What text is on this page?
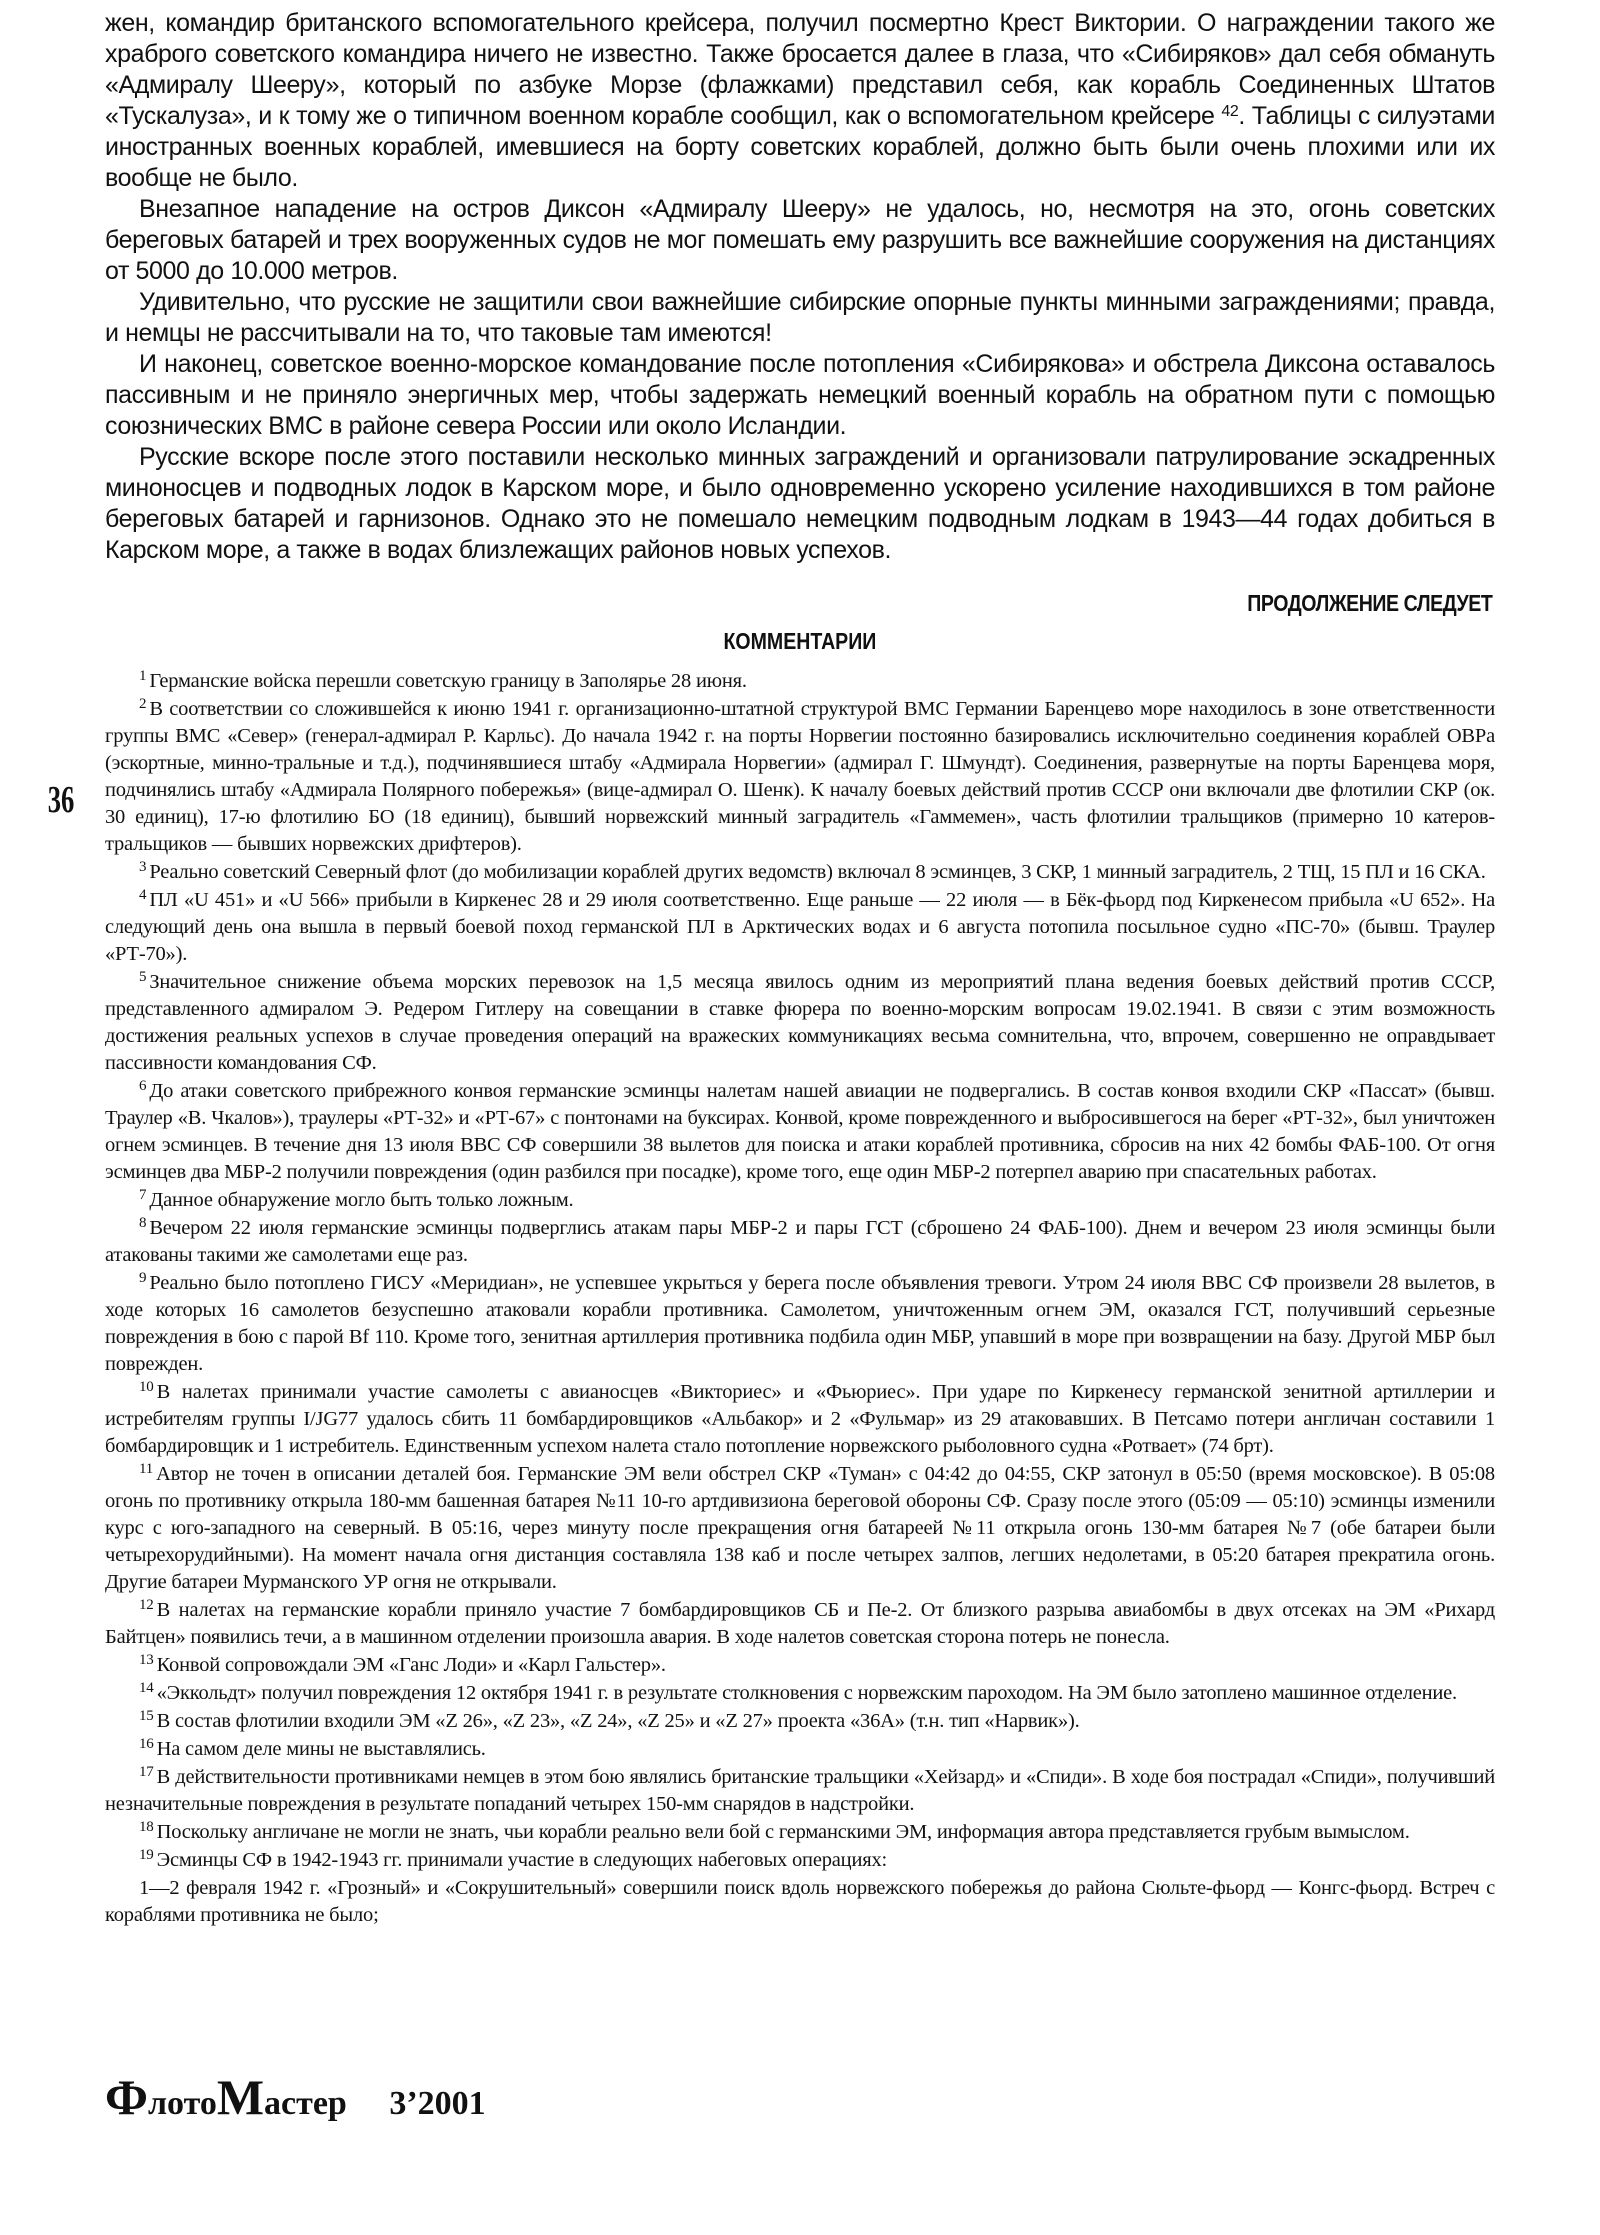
жен, командир британского вспомогательного крейсера, получил посмертно Крест Виктории. О награждении такого же храброго советского командира ничего не известно. Также бросается далее в глаза, что «Сибиряков» дал себя обмануть «Адмиралу Шееру», который по азбуке Морзе (флажками) представил себя, как корабль Соединенных Штатов «Тускалуза», и к тому же о типичном военном корабле сообщил, как о вспомогательном крейсере $^{42}$. Таблицы с силуэтами иностранных военных кораблей, имевшиеся на борту советских кораблей, должно быть были очень плохими или их вообще не было.

Внезапное нападение на остров Диксон «Адмиралу Шееру» не удалось, но, несмотря на это, огонь советских береговых батарей и трех вооруженных судов не мог помешать ему разрушить все важнейшие сооружения на дистанциях от 5000 до 10.000 метров.

Удивительно, что русские не защитили свои важнейшие сибирские опорные пункты минными заграждениями; правда, и немцы не рассчитывали на то, что таковые там имеются!

И наконец, советское военно-морское командование после потопления «Сибирякова» и обстрела Диксона оставалось пассивным и не приняло энергичных мер, чтобы задержать немецкий военный корабль на обратном пути с помощью союзнических ВМС в районе севера России или около Исландии.

Русские вскоре после этого поставили несколько минных заграждений и организовали патрулирование эскадренных миноносцев и подводных лодок в Карском море, и было одновременно ускорено усиление находившихся в том районе береговых батарей и гарнизонов. Однако это не помешало немецким подводным лодкам в 1943—44 годах добиться в Карском море, а также в водах близлежащих районов новых успехов.

ПРОДОЛЖЕНИЕ СЛЕДУЕТ
КОММЕНТАРИИ
36

$^1$ Германские войска перешли советскую границу в Заполярье 28 июня.

$^2$ В соответствии со сложившейся к июню 1941 г. организационно-штатной структурой ВМС Германии Баренцево море находилось в зоне ответственности группы ВМС «Север» (генерал-адмирал Р. Карльс). До начала 1942 г. на порты Норвегии постоянно базировались исключительно соединения кораблей ОВРа (эскортные, минно-тральные и т.д.), подчинявшиеся штабу «Адмирала Норвегии» (адмирал Г. Шмундт). Соединения, развернутые на порты Баренцева моря, подчинялись штабу «Адмирала Полярного побережья» (вице-адмирал О. Шенк). К началу боевых действий против СССР они включали две флотилии СКР (ок. 30 единиц), 17-ю флотилию БО (18 единиц), бывший норвежский минный заградитель «Гаммемен», часть флотилии тральщиков (примерно 10 катеров-тральщиков — бывших норвежских дрифтеров).

$^3$ Реально советский Северный флот (до мобилизации кораблей других ведомств) включал 8 эсминцев, 3 СКР, 1 минный заградитель, 2 ТЩ, 15 ПЛ и 16 СКА.

$^4$ ПЛ «U 451» и «U 566» прибыли в Киркенес 28 и 29 июля соответственно. Еще раньше — 22 июля — в Бёк-фьорд под Киркенесом прибыла «U 652». На следующий день она вышла в первый боевой поход германской ПЛ в Арктических водах и 6 августа потопила посыльное судно «ПС-70» (бывш. Траулер «РТ-70»).

$^5$ Значительное снижение объема морских перевозок на 1,5 месяца явилось одним из мероприятий плана ведения боевых действий против СССР, представленного адмиралом Э. Редером Гитлеру на совещании в ставке фюрера по военно-морским вопросам 19.02.1941. В связи с этим возможность достижения реальных успехов в случае проведения операций на вражеских коммуникациях весьма сомнительна, что, впрочем, совершенно не оправдывает пассивности командования СФ.

$^6$ До атаки советского прибрежного конвоя германские эсминцы налетам нашей авиации не подвергались. В состав конвоя входили СКР «Пассат» (бывш. Траулер «В. Чкалов»), траулеры «РТ-32» и «РТ-67» с понтонами на буксирах. Конвой, кроме поврежденного и выбросившегося на берег «РТ-32», был уничтожен огнем эсминцев. В течение дня 13 июля ВВС СФ совершили 38 вылетов для поиска и атаки кораблей противника, сбросив на них 42 бомбы ФАБ-100. От огня эсминцев два МБР-2 получили повреждения (один разбился при посадке), кроме того, еще один МБР-2 потерпел аварию при спасательных работах.

$^7$ Данное обнаружение могло быть только ложным.

$^8$ Вечером 22 июля германские эсминцы подверглись атакам пары МБР-2 и пары ГСТ (сброшено 24 ФАБ-100). Днем и вечером 23 июля эсминцы были атакованы такими же самолетами еще раз.

$^9$ Реально было потоплено ГИСУ «Меридиан», не успевшее укрыться у берега после объявления тревоги. Утром 24 июля ВВС СФ произвели 28 вылетов, в ходе которых 16 самолетов безуспешно атаковали корабли противника. Самолетом, уничтоженным огнем ЭМ, оказался ГСТ, получивший серьезные повреждения в бою с парой Bf 110. Кроме того, зенитная артиллерия противника подбила один МБР, упавший в море при возвращении на базу. Другой МБР был поврежден.

$^{10}$ В налетах принимали участие самолеты с авианосцев «Викториес» и «Фьюриес». При ударе по Киркенесу германской зенитной артиллерии и истребителям группы I/JG77 удалось сбить 11 бомбардировщиков «Альбакор» и 2 «Фульмар» из 29 атаковавших. В Петсамо потери англичан составили 1 бомбардировщик и 1 истребитель. Единственным успехом налета стало потопление норвежского рыболовного судна «Ротвает» (74 брт).

$^{11}$ Автор не точен в описании деталей боя. Германские ЭМ вели обстрел СКР «Туман» с 04:42 до 04:55, СКР затонул в 05:50 (время московское). В 05:08 огонь по противнику открыла 180-мм башенная батарея №11 10-го артдивизиона береговой обороны СФ. Сразу после этого (05:09 — 05:10) эсминцы изменили курс с юго-западного на северный. В 05:16, через минуту после прекращения огня батареей №11 открыла огонь 130-мм батарея №7 (обе батареи были четырехорудийными). На момент начала огня дистанция составляла 138 каб и после четырех залпов, легших недолетами, в 05:20 батарея прекратила огонь. Другие батареи Мурманского УР огня не открывали.

$^{12}$ В налетах на германские корабли приняло участие 7 бомбардировщиков СБ и Пе-2. От близкого разрыва авиабомбы в двух отсеках на ЭМ «Рихард Байтцен» появились течи, а в машинном отделении произошла авария. В ходе налетов советская сторона потерь не понесла.

$^{13}$ Конвой сопровождали ЭМ «Ганс Лоди» и «Карл Гальстер».

$^{14}$ «Эккольдт» получил повреждения 12 октября 1941 г. в результате столкновения с норвежским пароходом. На ЭМ было затоплено машинное отделение.

$^{15}$ В состав флотилии входили ЭМ «Z 26», «Z 23», «Z 24», «Z 25» и «Z 27» проекта «36А» (т.н. тип «Нарвик»).

$^{16}$ На самом деле мины не выставлялись.

$^{17}$ В действительности противниками немцев в этом бою являлись британские тральщики «Хейзард» и «Спиди». В ходе боя пострадал «Спиди», получивший незначительные повреждения в результате попаданий четырех 150-мм снарядов в надстройки.

$^{18}$ Поскольку англичане не могли не знать, чьи корабли реально вели бой с германскими ЭМ, информация автора представляется грубым вымыслом.

$^{19}$ Эсминцы СФ в 1942-1943 гг. принимали участие в следующих набеговых операциях:

1—2 февраля 1942 г. «Грозный» и «Сокрушительный» совершили поиск вдоль норвежского побережья до района Сюльте-фьорд — Конгс-фьорд. Встреч с кораблями противника не было;

ФлотоМастер 3’2001
